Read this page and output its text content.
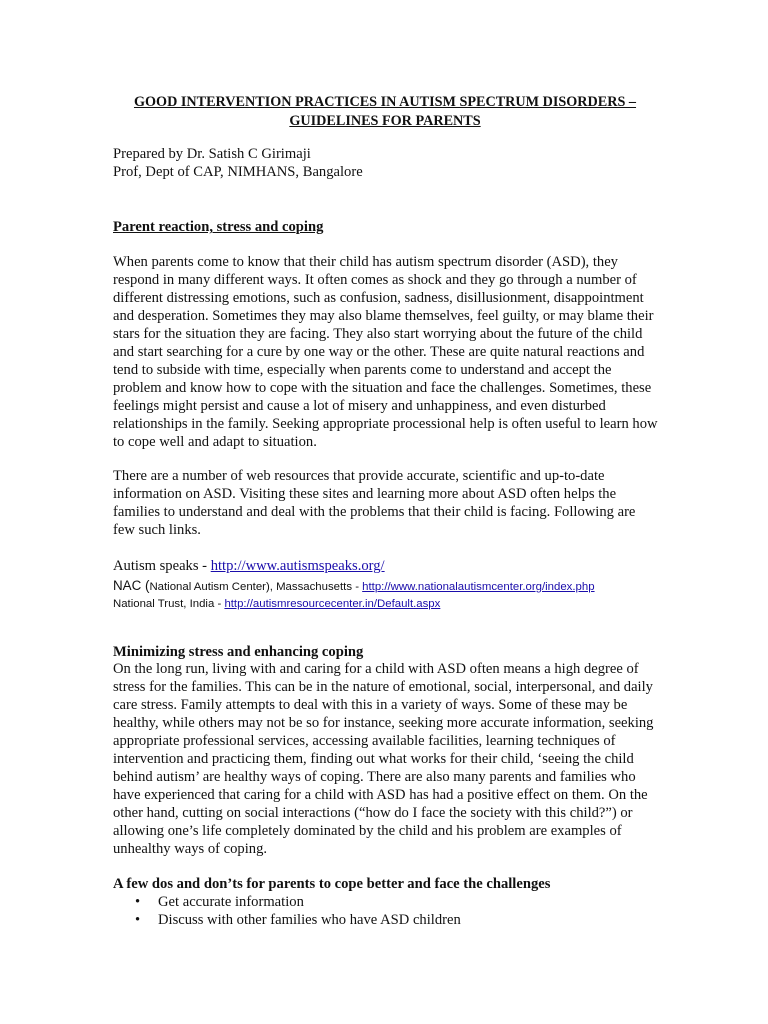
GOOD INTERVENTION PRACTICES IN AUTISM SPECTRUM DISORDERS –
GUIDELINES FOR PARENTS
Prepared by Dr. Satish C Girimaji
Prof, Dept of CAP, NIMHANS, Bangalore
Parent reaction, stress and coping

When parents come to know that their child has autism spectrum disorder (ASD), they respond in many different ways. It often comes as shock and they go through a number of different distressing emotions, such as confusion, sadness, disillusionment, disappointment and desperation. Sometimes they may also blame themselves, feel guilty, or may blame their stars for the situation they are facing. They also start worrying about the future of the child and start searching for a cure by one way or the other. These are quite natural reactions and tend to subside with time, especially when parents come to understand and accept the problem and know how to cope with the situation and face the challenges. Sometimes, these feelings might persist and cause a lot of misery and unhappiness, and even disturbed relationships in the family. Seeking appropriate processional help is often useful to learn how to cope well and adapt to situation.

There are a number of web resources that provide accurate, scientific and up-to-date information on ASD. Visiting these sites and learning more about ASD often helps the families to understand and deal with the problems that their child is facing. Following are few such links.

Autism speaks - http://www.autismspeaks.org/
NAC (National Autism Center), Massachusetts - http://www.nationalautismcenter.org/index.php
National Trust, India - http://autismresourcecenter.in/Default.aspx
Minimizing stress and enhancing coping

On the long run, living with and caring for a child with ASD often means a high degree of stress for the families. This can be in the nature of emotional, social, interpersonal, and daily care stress. Family attempts to deal with this in a variety of ways. Some of these may be healthy, while others may not be so for instance, seeking more accurate information, seeking appropriate professional services, accessing available facilities, learning techniques of intervention and practicing them, finding out what works for their child, ‘seeing the child behind autism’ are healthy ways of coping. There are also many parents and families who have experienced that caring for a child with ASD has had a positive effect on them. On the other hand, cutting on social interactions (“how do I face the society with this child?”) or allowing one’s life completely dominated by the child and his problem are examples of unhealthy ways of coping.

A few dos and don’ts for parents to cope better and face the challenges
• Get accurate information
• Discuss with other families who have ASD children
